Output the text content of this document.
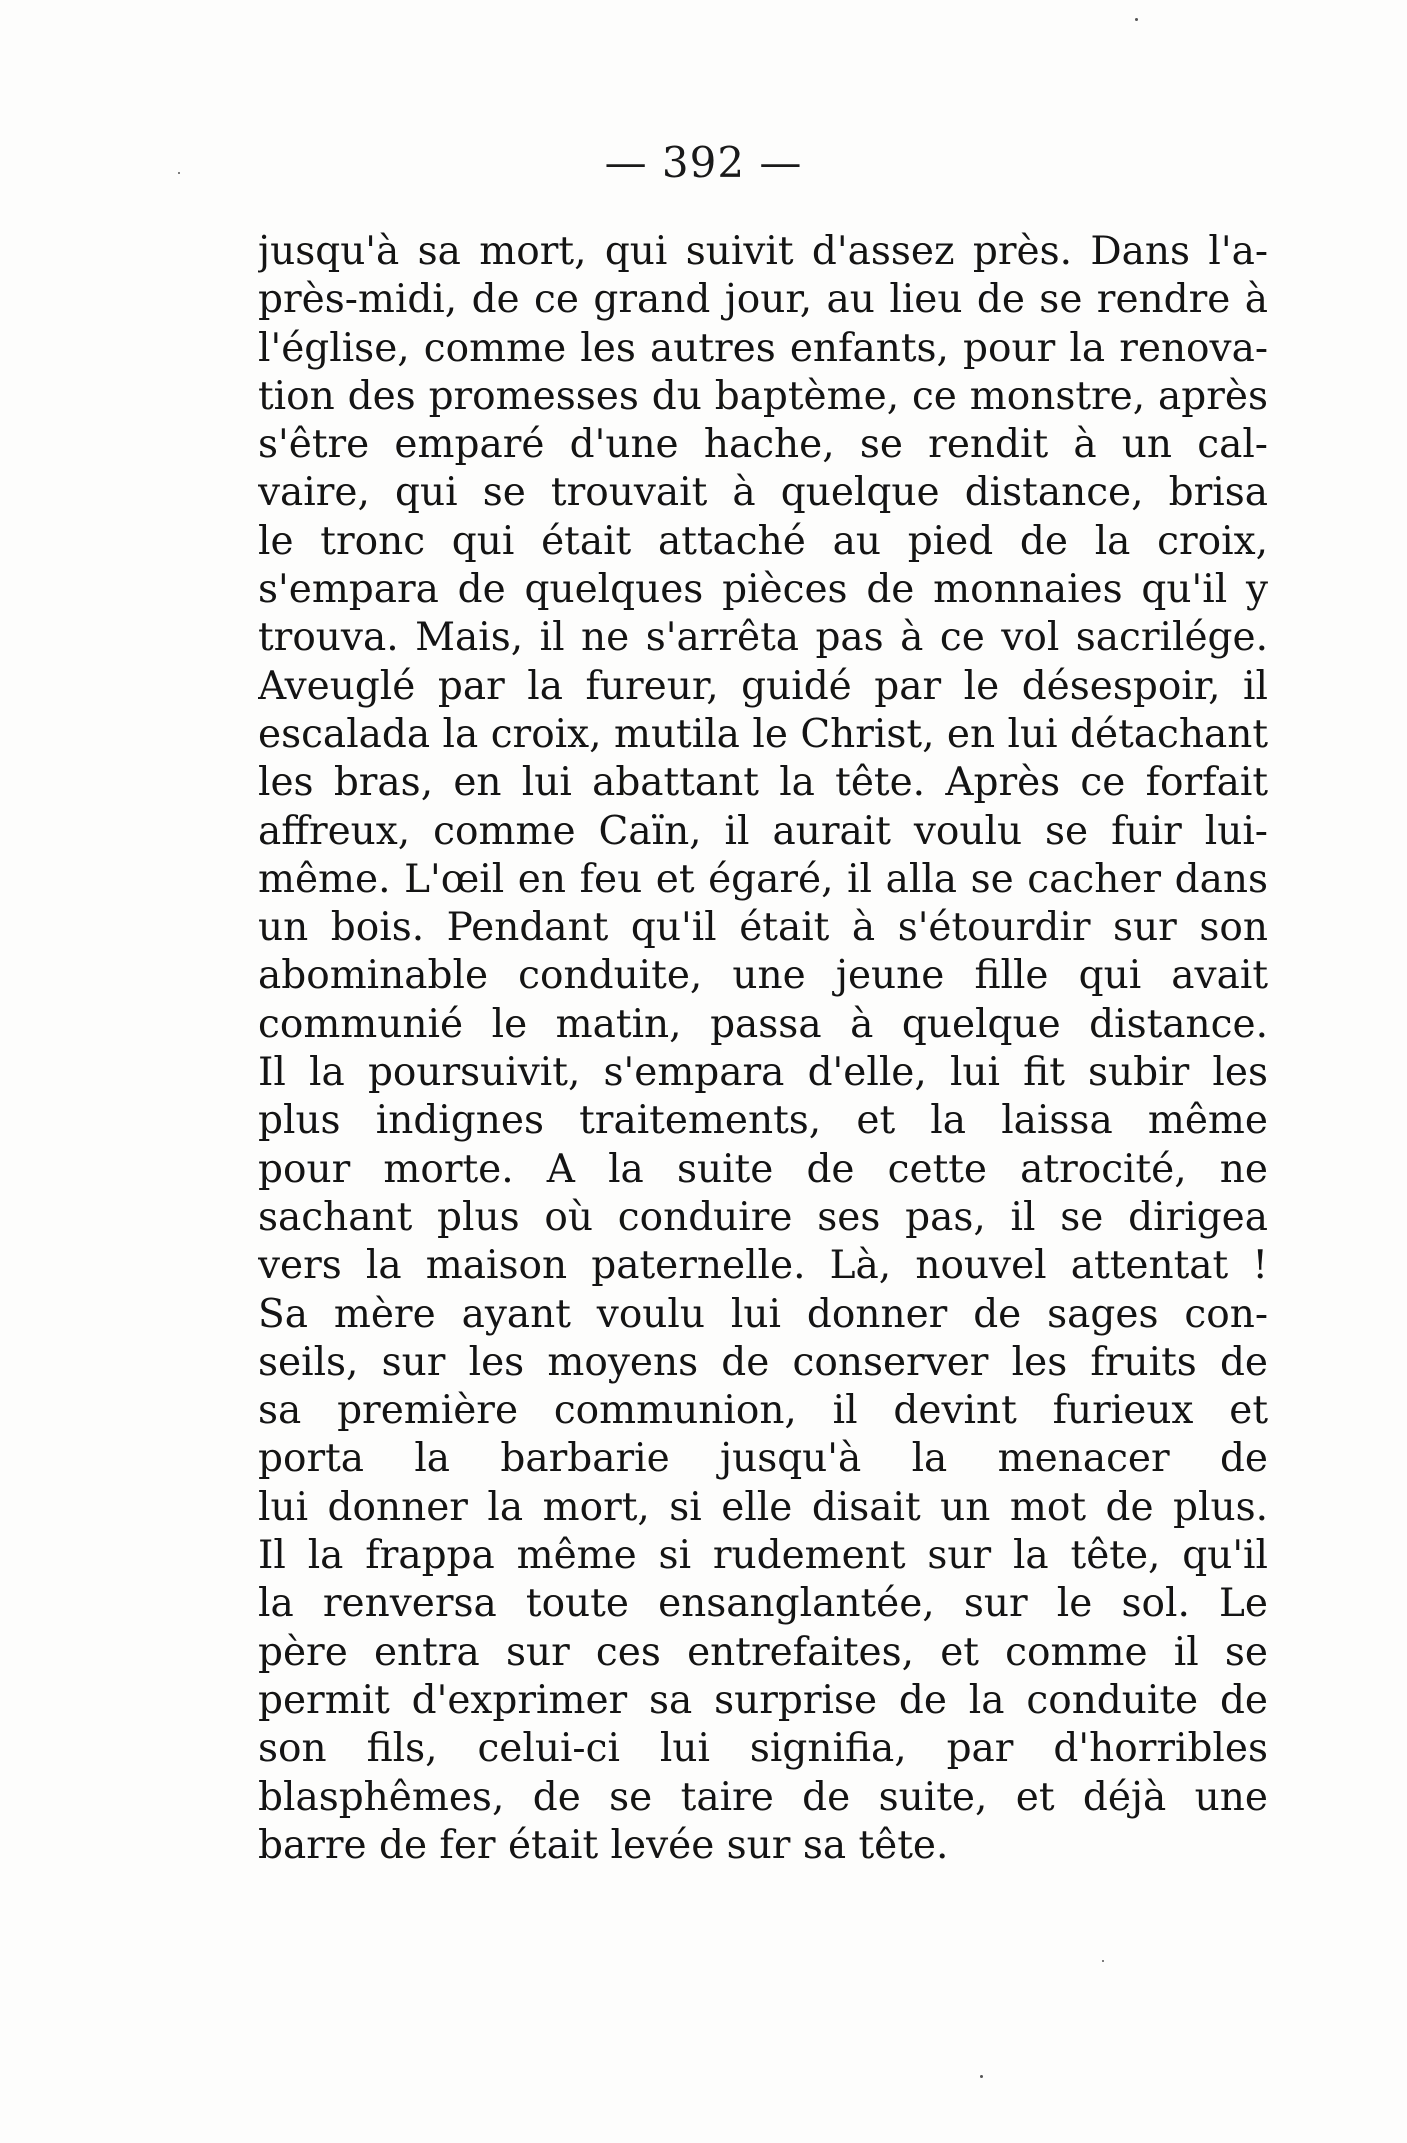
— 392 —
jusqu'à sa mort, qui suivit d'assez près. Dans l'a-
près-midi, de ce grand jour, au lieu de se rendre à
l'église, comme les autres enfants, pour la renova-
tion des promesses du baptème, ce monstre, après
s'être emparé d'une hache, se rendit à un cal-
vaire, qui se trouvait à quelque distance, brisa
le tronc qui était attaché au pied de la croix,
s'empara de quelques pièces de monnaies qu'il y
trouva. Mais, il ne s'arrêta pas à ce vol sacrilége.
Aveuglé par la fureur, guidé par le désespoir, il
escalada la croix, mutila le Christ, en lui détachant
les bras, en lui abattant la tête. Après ce forfait
affreux, comme Caïn, il aurait voulu se fuir lui-
même. L'œil en feu et égaré, il alla se cacher dans
un bois. Pendant qu'il était à s'étourdir sur son
abominable conduite, une jeune fille qui avait
communié le matin, passa à quelque distance.
Il la poursuivit, s'empara d'elle, lui fit subir les
plus indignes traitements, et la laissa même
pour morte. A la suite de cette atrocité, ne
sachant plus où conduire ses pas, il se dirigea
vers la maison paternelle. Là, nouvel attentat !
Sa mère ayant voulu lui donner de sages con-
seils, sur les moyens de conserver les fruits de
sa première communion, il devint furieux et
porta la barbarie jusqu'à la menacer de
lui donner la mort, si elle disait un mot de plus.
Il la frappa même si rudement sur la tête, qu'il
la renversa toute ensanglantée, sur le sol. Le
père entra sur ces entrefaites, et comme il se
permit d'exprimer sa surprise de la conduite de
son fils, celui-ci lui signifia, par d'horribles
blasphêmes, de se taire de suite, et déjà une
barre de fer était levée sur sa tête.
